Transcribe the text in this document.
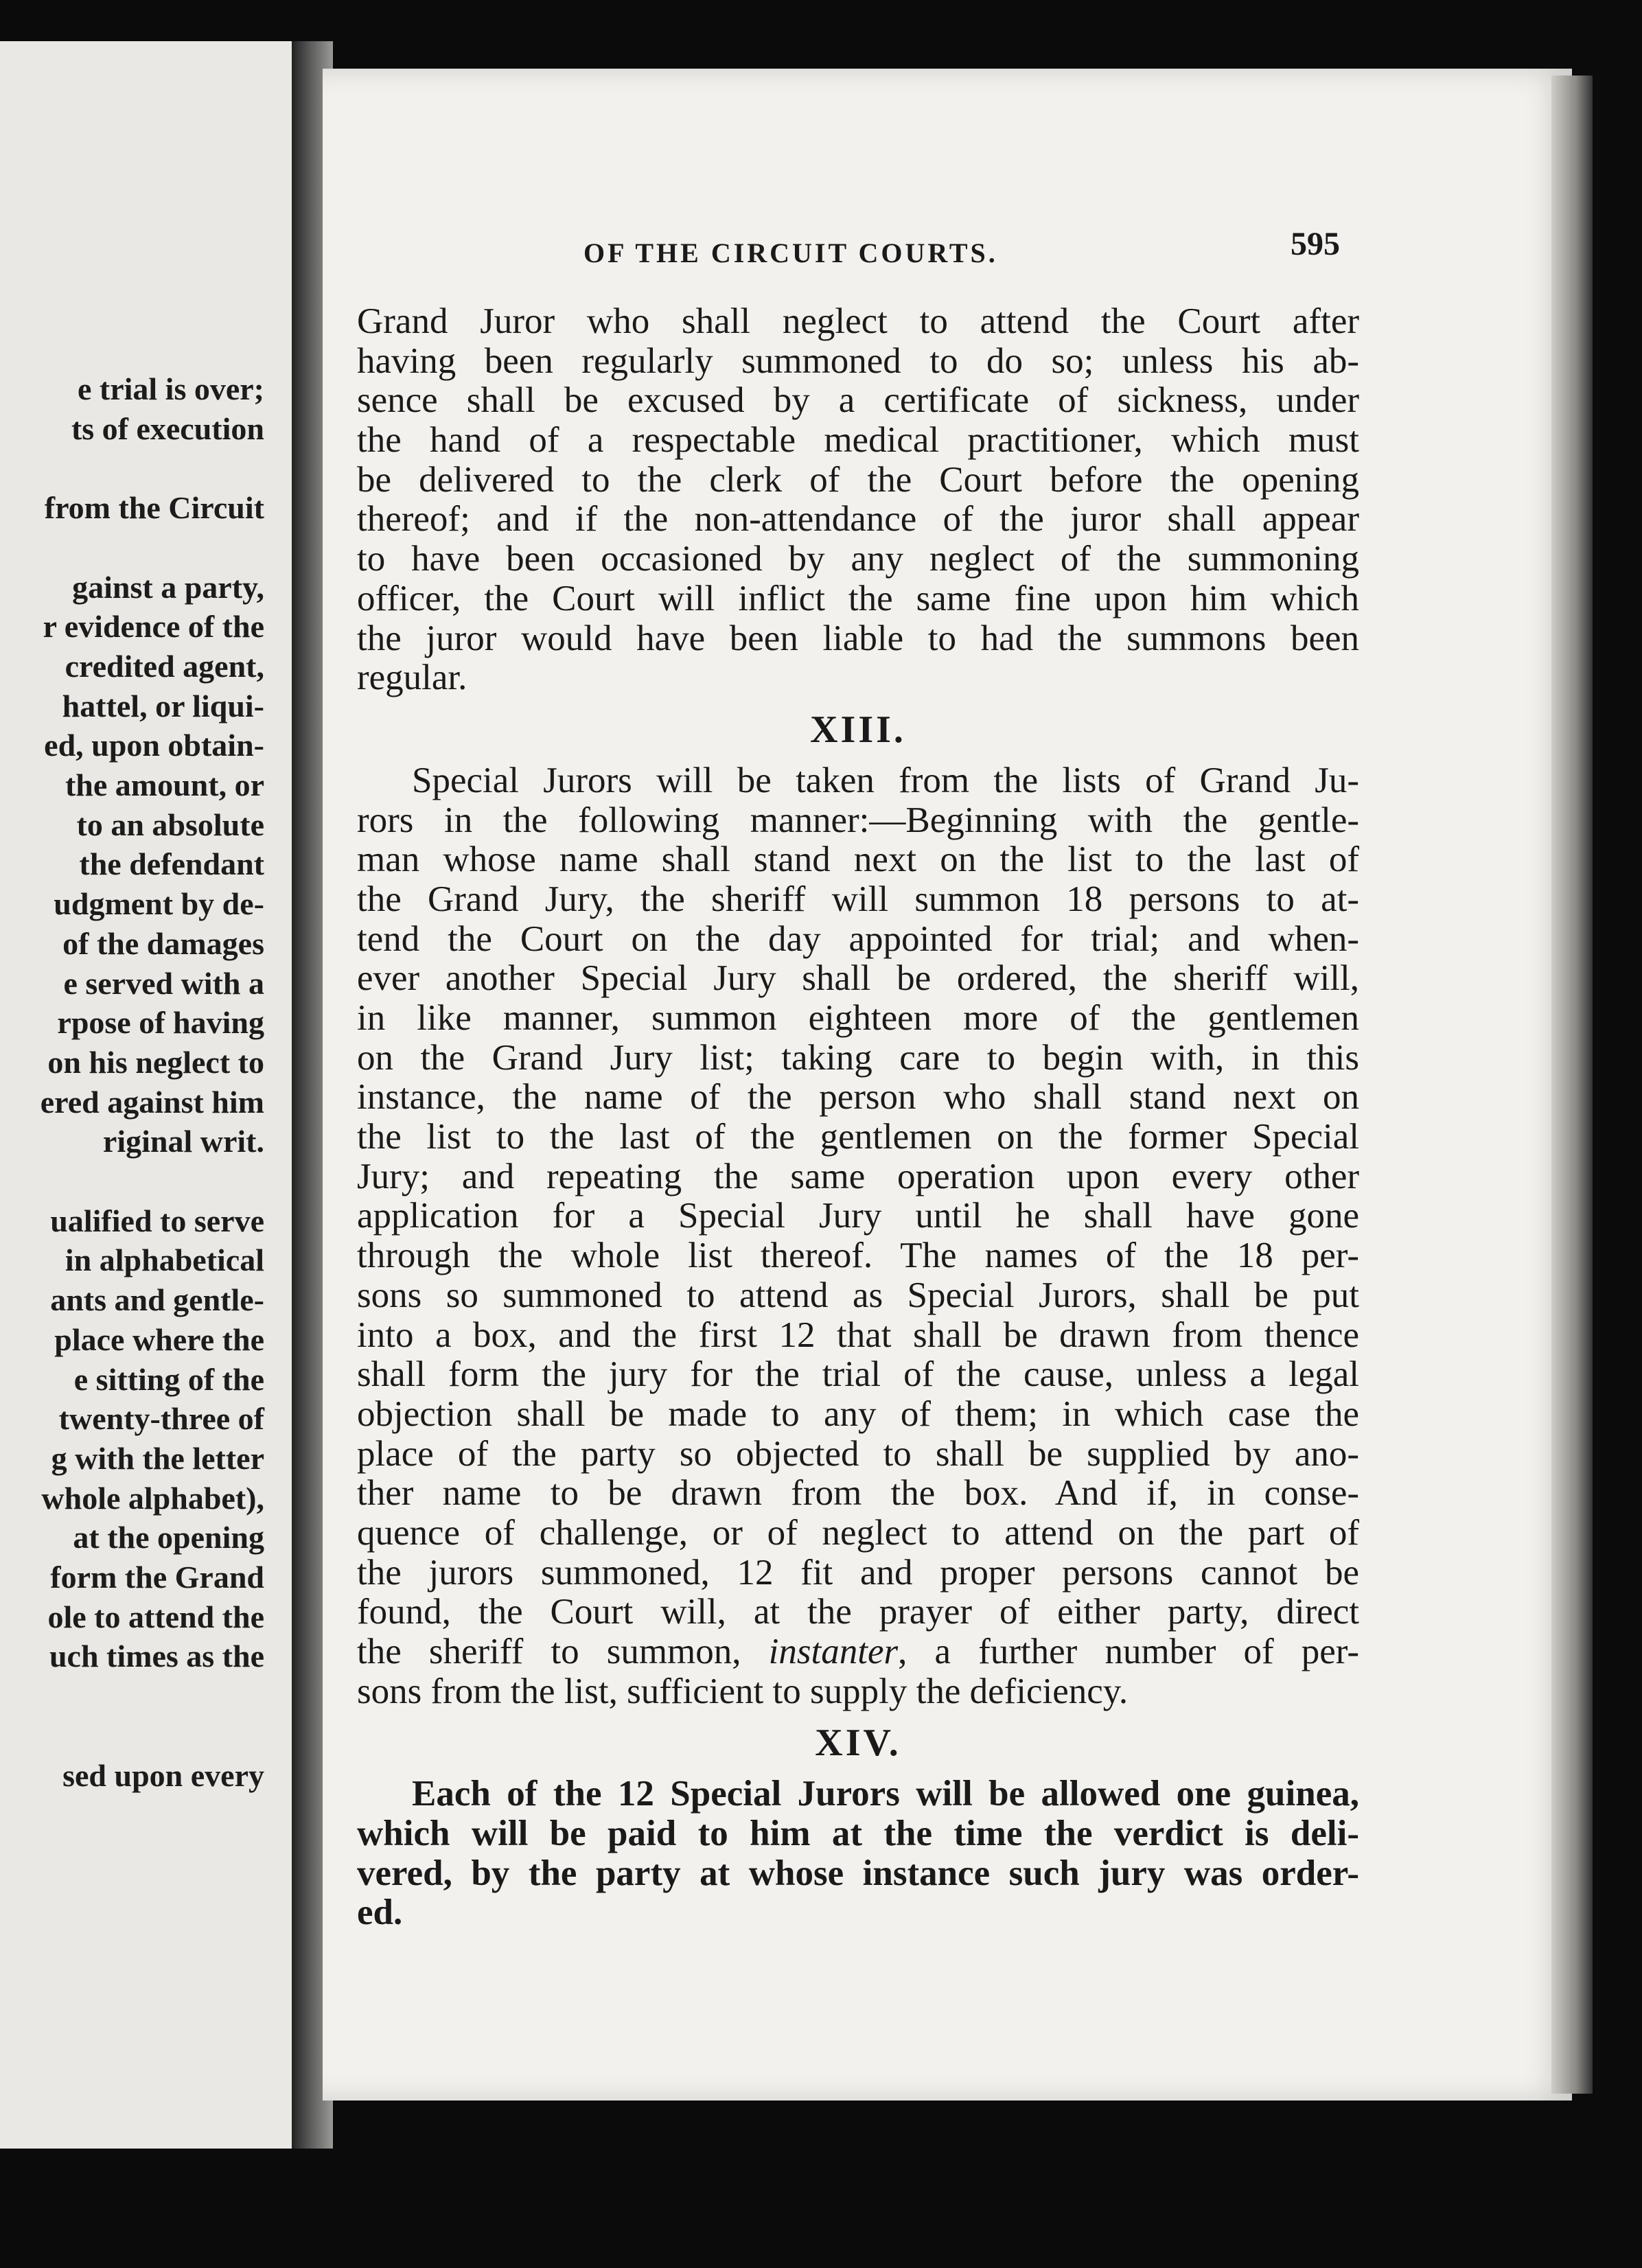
e trial is over;
ts of execution
from the Circuit
gainst a party,
r evidence of the
credited agent,
hattel, or liqui-
ed, upon obtain-
the amount, or
to an absolute
the defendant
udgment by de-
of the damages
e served with a
rpose of having
on his neglect to
ered against him
riginal writ.
ualified to serve
in alphabetical
ants and gentle-
place where the
e sitting of the
twenty-three of
g with the letter
whole alphabet),
at the opening
form the Grand
ole to attend the
uch times as the
sed upon every
OF THE CIRCUIT COURTS.	595
Grand Juror who shall neglect to attend the Court after
having been regularly summoned to do so; unless his ab-
sence shall be excused by a certificate of sickness, under
the hand of a respectable medical practitioner, which must
be delivered to the clerk of the Court before the opening
thereof; and if the non-attendance of the juror shall appear
to have been occasioned by any neglect of the summoning
officer, the Court will inflict the same fine upon him which
the juror would have been liable to had the summons been
regular.
XIII.
Special Jurors will be taken from the lists of Grand Ju-
rors in the following manner:—Beginning with the gentle-
man whose name shall stand next on the list to the last of
the Grand Jury, the sheriff will summon 18 persons to at-
tend the Court on the day appointed for trial; and when-
ever another Special Jury shall be ordered, the sheriff will,
in like manner, summon eighteen more of the gentlemen
on the Grand Jury list; taking care to begin with, in this
instance, the name of the person who shall stand next on
the list to the last of the gentlemen on the former Special
Jury; and repeating the same operation upon every other
application for a Special Jury until he shall have gone
through the whole list thereof. The names of the 18 per-
sons so summoned to attend as Special Jurors, shall be put
into a box, and the first 12 that shall be drawn from thence
shall form the jury for the trial of the cause, unless a legal
objection shall be made to any of them; in which case the
place of the party so objected to shall be supplied by ano-
ther name to be drawn from the box. And if, in conse-
quence of challenge, or of neglect to attend on the part of
the jurors summoned, 12 fit and proper persons cannot be
found, the Court will, at the prayer of either party, direct
the sheriff to summon, instanter, a further number of per-
sons from the list, sufficient to supply the deficiency.
XIV.
Each of the 12 Special Jurors will be allowed one guinea,
which will be paid to him at the time the verdict is deli-
vered, by the party at whose instance such jury was order-
ed.
